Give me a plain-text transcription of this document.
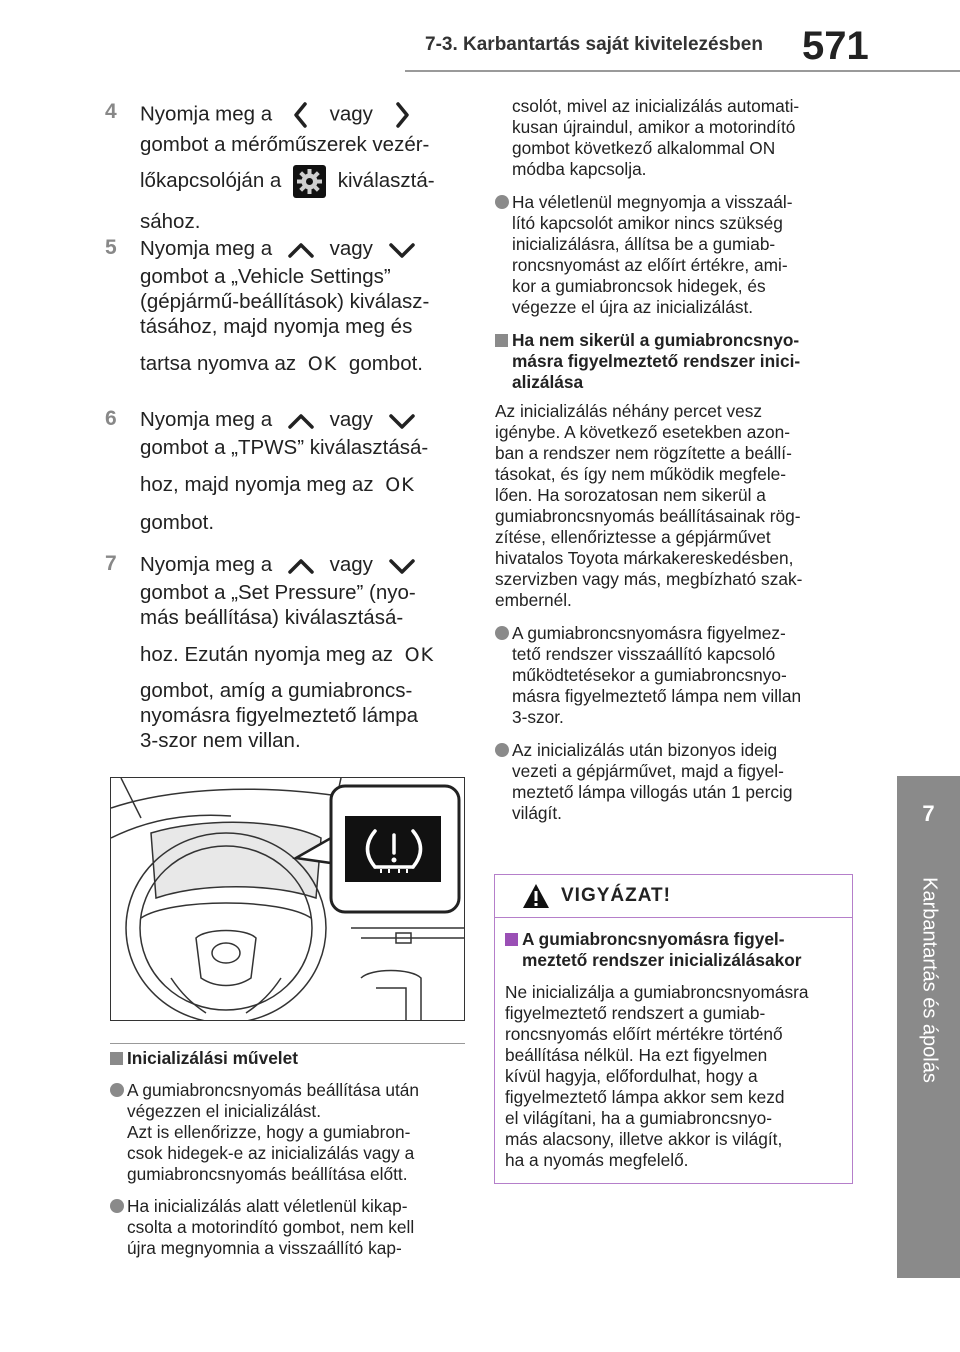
7-3. Karbantartás saját kivitelezésben 571
7
Karbantartás és ápolás
4 Nyomja meg a	vagy
gombot a mérőműszerek vezér-
lőkapcsolóján a	kiválasztá-
sához.
5 Nyomja meg a	vagy
gombot a „Vehicle Settings”
(gépjármű-beállítások) kiválasz-
tásához, majd nyomja meg és
tartsa nyomva az OK gombot.
6 Nyomja meg a	vagy
gombot a „TPWS” kiválasztásá-
hoz, majd nyomja meg az OK
gombot.
7 Nyomja meg a	vagy
gombot a „Set Pressure” (nyo-
más beállítása) kiválasztásá-
hoz. Ezután nyomja meg az OK
gombot, amíg a gumiabroncs-
nyomásra figyelmeztető lámpa
3-szor nem villan.
Inicializálási művelet
A gumiabroncsnyomás beállítása után
végezzen el inicializálást.
Azt is ellenőrizze, hogy a gumiabron-
csok hidegek-e az inicializálás vagy a
gumiabroncsnyomás beállítása előtt.
Ha inicializálás alatt véletlenül kikap-
csolta a motorindító gombot, nem kell
újra megnyomnia a visszaállító kap-
csolót, mivel az inicializálás automati-
kusan újraindul, amikor a motorindító
gombot következő alkalommal ON
módba kapcsolja.
Ha véletlenül megnyomja a visszaál-
lító kapcsolót amikor nincs szükség
inicializálásra, állítsa be a gumiab-
roncsnyomást az előírt értékre, ami-
kor a gumiabroncsok hidegek, és
végezze el újra az inicializálást.
Ha nem sikerül a gumiabroncsnyo-
másra figyelmeztető rendszer inici-
alizálása
Az inicializálás néhány percet vesz
igénybe. A következő esetekben azon-
ban a rendszer nem rögzítette a beállí-
tásokat, és így nem működik megfele-
lően. Ha sorozatosan nem sikerül a
gumiabroncsnyomás beállításainak rög-
zítése, ellenőriztesse a gépjárművet
hivatalos Toyota márkakereskedésben,
szervizben vagy más, megbízható szak-
embernél.
A gumiabroncsnyomásra figyelmez-
tető rendszer visszaállító kapcsoló
működtetésekor a gumiabroncsnyo-
másra figyelmeztető lámpa nem villan
3-szor.
Az inicializálás után bizonyos ideig
vezeti a gépjárművet, majd a figyel-
meztető lámpa villogás után 1 percig
világít.
VIGYÁZAT!
A gumiabroncsnyomásra figyel-
meztető rendszer inicializálásakor
Ne inicializálja a gumiabroncsnyomásra
figyelmeztető rendszert a gumiab-
roncsnyomás előírt mértékre történő
beállítása nélkül. Ha ezt figyelmen
kívül hagyja, előfordulhat, hogy a
figyelmeztető lámpa akkor sem kezd
el világítani, ha a gumiabroncsnyo-
más alacsony, illetve akkor is világít,
ha a nyomás megfelelő.
